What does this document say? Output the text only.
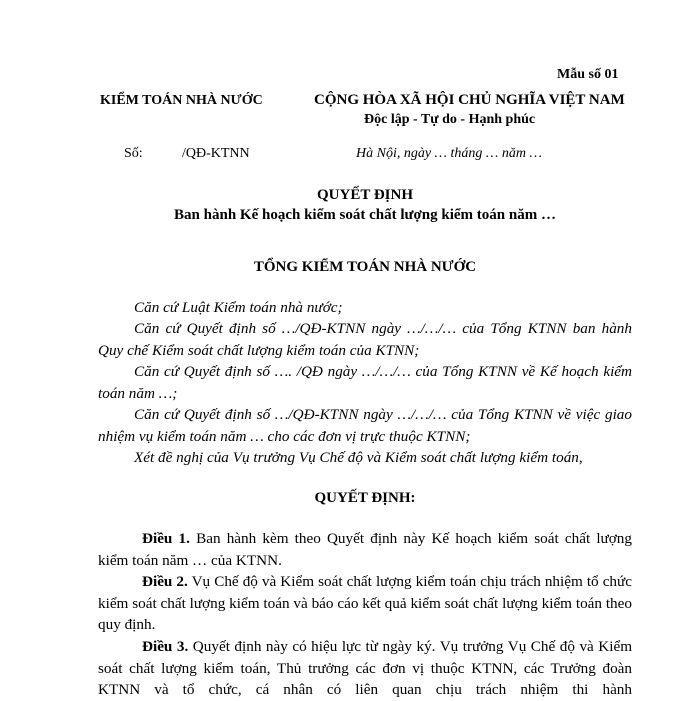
Mẫu số 01
KIỂM TOÁN NHÀ NƯỚC	CỘNG HÒA XÃ HỘI CHỦ NGHĨA VIỆT NAM
Độc lập - Tự do - Hạnh phúc
Số:	/QĐ-KTNN	Hà Nội, ngày … tháng … năm …
QUYẾT ĐỊNH
Ban hành Kế hoạch kiểm soát chất lượng kiểm toán năm …
TỔNG KIỂM TOÁN NHÀ NƯỚC
Căn cứ Luật Kiểm toán nhà nước;
Căn cứ Quyết định số …/QĐ-KTNN ngày …/…/… của Tổng KTNN ban hành Quy chế Kiểm soát chất lượng kiểm toán của KTNN;
Căn cứ Quyết định số …. /QĐ ngày …/…/… của Tổng KTNN về Kế hoạch kiểm toán năm …;
Căn cứ Quyết định số …/QĐ-KTNN ngày …/…/… của Tổng KTNN về việc giao nhiệm vụ kiểm toán năm … cho các đơn vị trực thuộc KTNN;
Xét đề nghị của Vụ trưởng Vụ Chế độ và Kiểm soát chất lượng kiểm toán,
QUYẾT ĐỊNH:
Điều 1. Ban hành kèm theo Quyết định này Kế hoạch kiểm soát chất lượng kiểm toán năm … của KTNN.
Điều 2. Vụ Chế độ và Kiểm soát chất lượng kiểm toán chịu trách nhiệm tổ chức kiểm soát chất lượng kiểm toán và báo cáo kết quả kiểm soát chất lượng kiểm toán theo quy định.
Điều 3. Quyết định này có hiệu lực từ ngày ký. Vụ trưởng Vụ Chế độ và Kiểm soát chất lượng kiểm toán, Thủ trưởng các đơn vị thuộc KTNN, các Trưởng đoàn KTNN và tổ chức, cá nhân có liên quan chịu trách nhiệm thi hành
